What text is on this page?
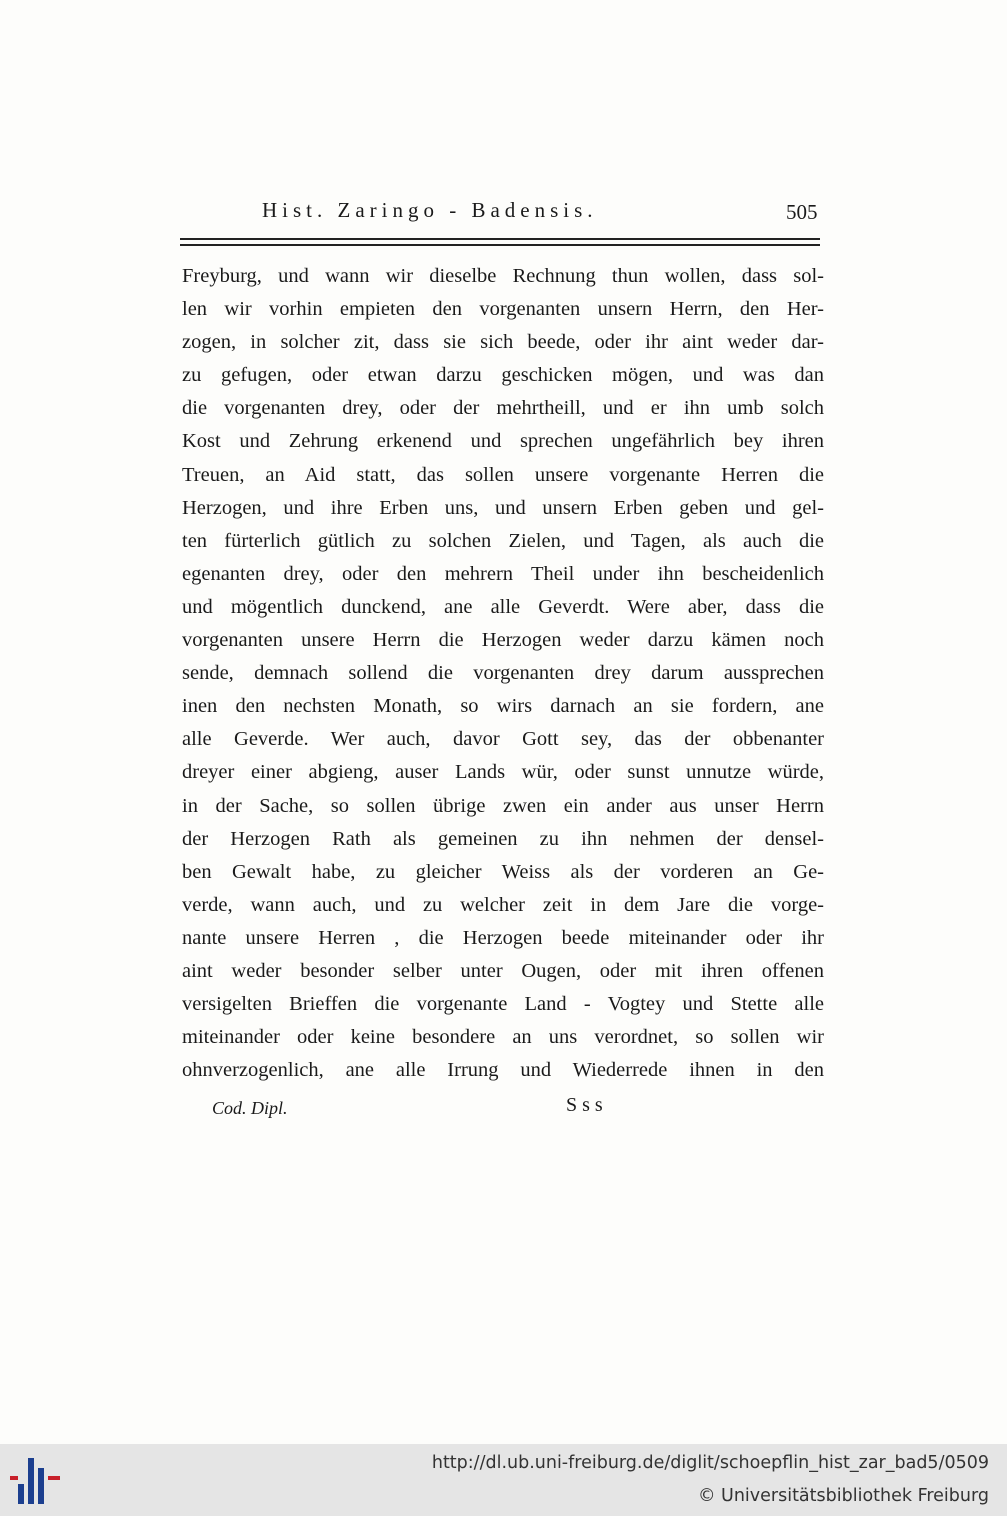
Hist. Zaringo - Badensis.	505
Freyburg, und wann wir dieselbe Rechnung thun wollen, dass sol-
len wir vorhin empieten den vorgenanten unsern Herrn, den Her-
zogen, in solcher zit, dass sie sich beede, oder ihr aint weder dar-
zu gefugen, oder etwan darzu geschicken mögen, und was dan
die vorgenanten drey, oder der mehrtheill, und er ihn umb solch
Kost und Zehrung erkenend und sprechen ungefährlich bey ihren
Treuen, an Aid statt, das sollen unsere vorgenante Herren die
Herzogen, und ihre Erben uns, und unsern Erben geben und gel-
ten fürterlich gütlich zu solchen Zielen, und Tagen, als auch die
egenanten drey, oder den mehrern Theil under ihn bescheidenlich
und mögentlich dunckend, ane alle Geverdt. Were aber, dass die
vorgenanten unsere Herrn die Herzogen weder darzu kämen noch
sende, demnach sollend die vorgenanten drey darum aussprechen
inen den nechsten Monath, so wirs darnach an sie fordern, ane
alle Geverde. Wer auch, davor Gott sey, das der obbenanter
dreyer einer abgieng, auser Lands wür, oder sunst unnutze würde,
in der Sache, so sollen übrige zwen ein ander aus unser Herrn
der Herzogen Rath als gemeinen zu ihn nehmen der densel-
ben Gewalt habe, zu gleicher Weiss als der vorderen an Ge-
verde, wann auch, und zu welcher zeit in dem Jare die vorge-
nante unsere Herren , die Herzogen beede miteinander oder ihr
aint weder besonder selber unter Ougen, oder mit ihren offenen
versigelten Brieffen die vorgenante Land - Vogtey und Stette alle
miteinander oder keine besondere an uns verordnet, so sollen wir
ohnverzogenlich, ane alle Irrung und Wiederrede ihnen in den
Cod. Dipl.	Sss
http://dl.ub.uni-freiburg.de/diglit/schoepflin_hist_zar_bad5/0509
© Universitätsbibliothek Freiburg
